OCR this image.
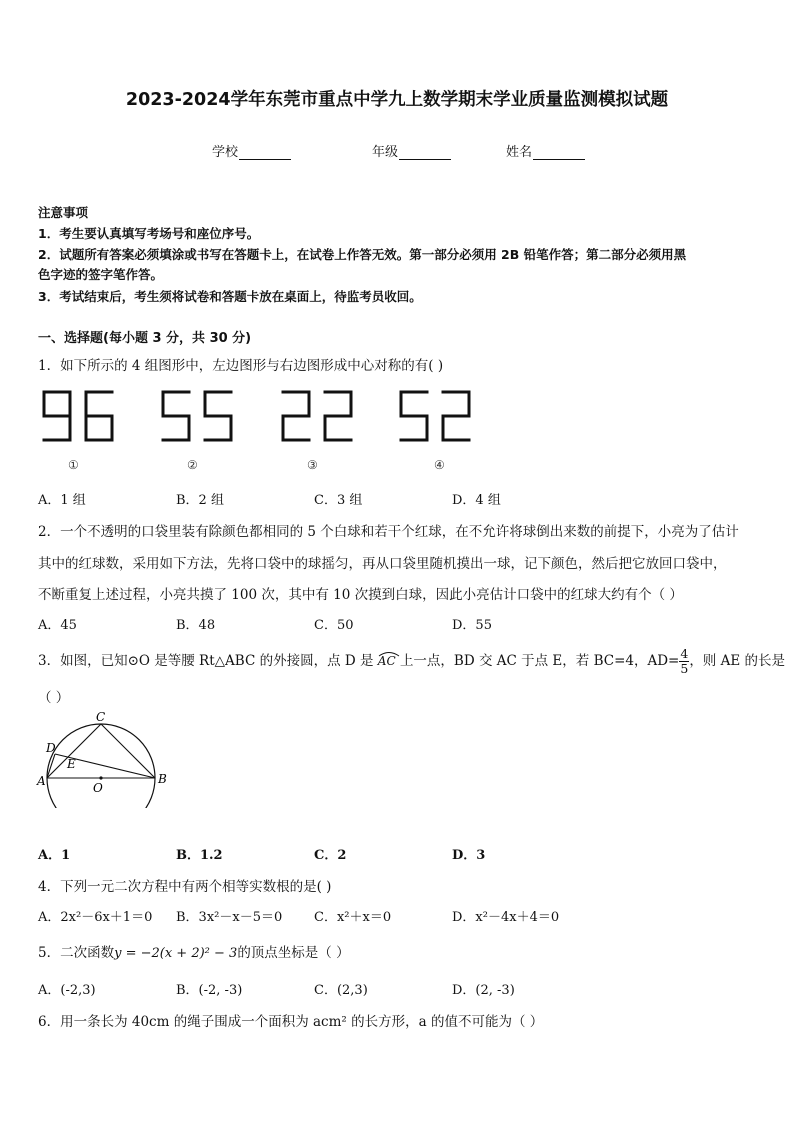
2023-2024学年东莞市重点中学九上数学期末学业质量监测模拟试题
学校	年级	姓名
注意事项
1．考生要认真填写考场号和座位序号。
2．试题所有答案必须填涂或书写在答题卡上，在试卷上作答无效。第一部分必须用 2B 铅笔作答；第二部分必须用黑
色字迹的签字笔作答。
3．考试结束后，考生须将试卷和答题卡放在桌面上，待监考员收回。
一、选择题(每小题 3 分，共 30 分)
1．如下所示的 4 组图形中，左边图形与右边图形成中心对称的有( )
①	②	③	④
A．1 组	B．2 组	C．3 组	D．4 组
2．一个不透明的口袋里装有除颜色都相同的 5 个白球和若干个红球，在不允许将球倒出来数的前提下，小亮为了估计
其中的红球数，采用如下方法，先将口袋中的球摇匀，再从口袋里随机摸出一球，记下颜色，然后把它放回口袋中，
不断重复上述过程，小亮共摸了 100 次，其中有 10 次摸到白球，因此小亮估计口袋中的红球大约有个（ ）
A．45	B．48	C．50	D．55
3．如图，已知⊙O 是等腰 Rt△ABC 的外接圆，点 D 是 AC 上一点，BD 交 AC 于点 E，若 BC=4，$AD= \frac{4}{5}$ ，则 AE 的长是
（ ）
C
D
E
A	O
B
A．1	B．1.2	C．2	D．3
4．下列一元二次方程中有两个相等实数根的是( )
A．2x²－6x＋1＝0 B．3x²－x－5＝0 C．x²＋x＝0	D．x²－4x＋4＝0
5．二次函数y = −2(x + 2)² − 3的顶点坐标是（ ）
A．(-2,3)	B．(-2, -3)	C．(2,3)	D．(2, -3)
6．用一条长为 40cm 的绳子围成一个面积为 acm² 的长方形，a 的值不可能为（ ）
